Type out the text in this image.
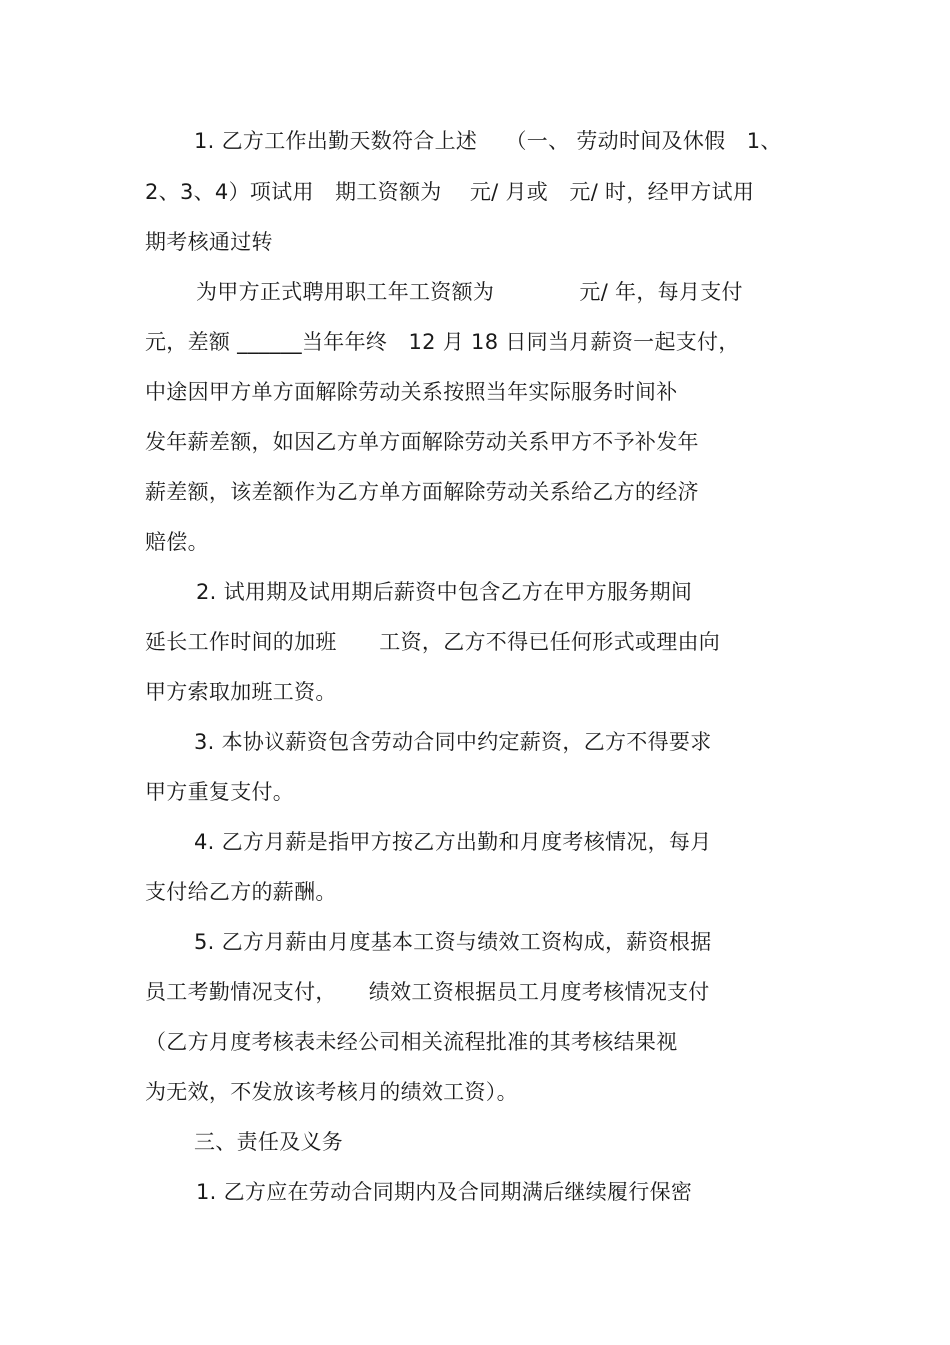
1. 乙方工作出勤天数符合上述　 （一、 劳动时间及休假　1、
2、3、4）项试用　期工资额为　 元/ 月或　元/ 时，经甲方试用
期考核通过转
为甲方正式聘用职工年工资额为　　　　元/ 年，每月支付
元，差额 ______当年年终　12 月 18 日同当月薪资一起支付，
中途因甲方单方面解除劳动关系按照当年实际服务时间补
发年薪差额，如因乙方单方面解除劳动关系甲方不予补发年
薪差额，该差额作为乙方单方面解除劳动关系给乙方的经济
赔偿。
2. 试用期及试用期后薪资中包含乙方在甲方服务期间
延长工作时间的加班　　工资，乙方不得已任何形式或理由向
甲方索取加班工资。
3. 本协议薪资包含劳动合同中约定薪资，乙方不得要求
甲方重复支付。
4. 乙方月薪是指甲方按乙方出勤和月度考核情况，每月
支付给乙方的薪酬。
5. 乙方月薪由月度基本工资与绩效工资构成，薪资根据
员工考勤情况支付，　　绩效工资根据员工月度考核情况支付
（乙方月度考核表未经公司相关流程批准的其考核结果视
为无效，不发放该考核月的绩效工资）。
三、责任及义务
1. 乙方应在劳动合同期内及合同期满后继续履行保密
